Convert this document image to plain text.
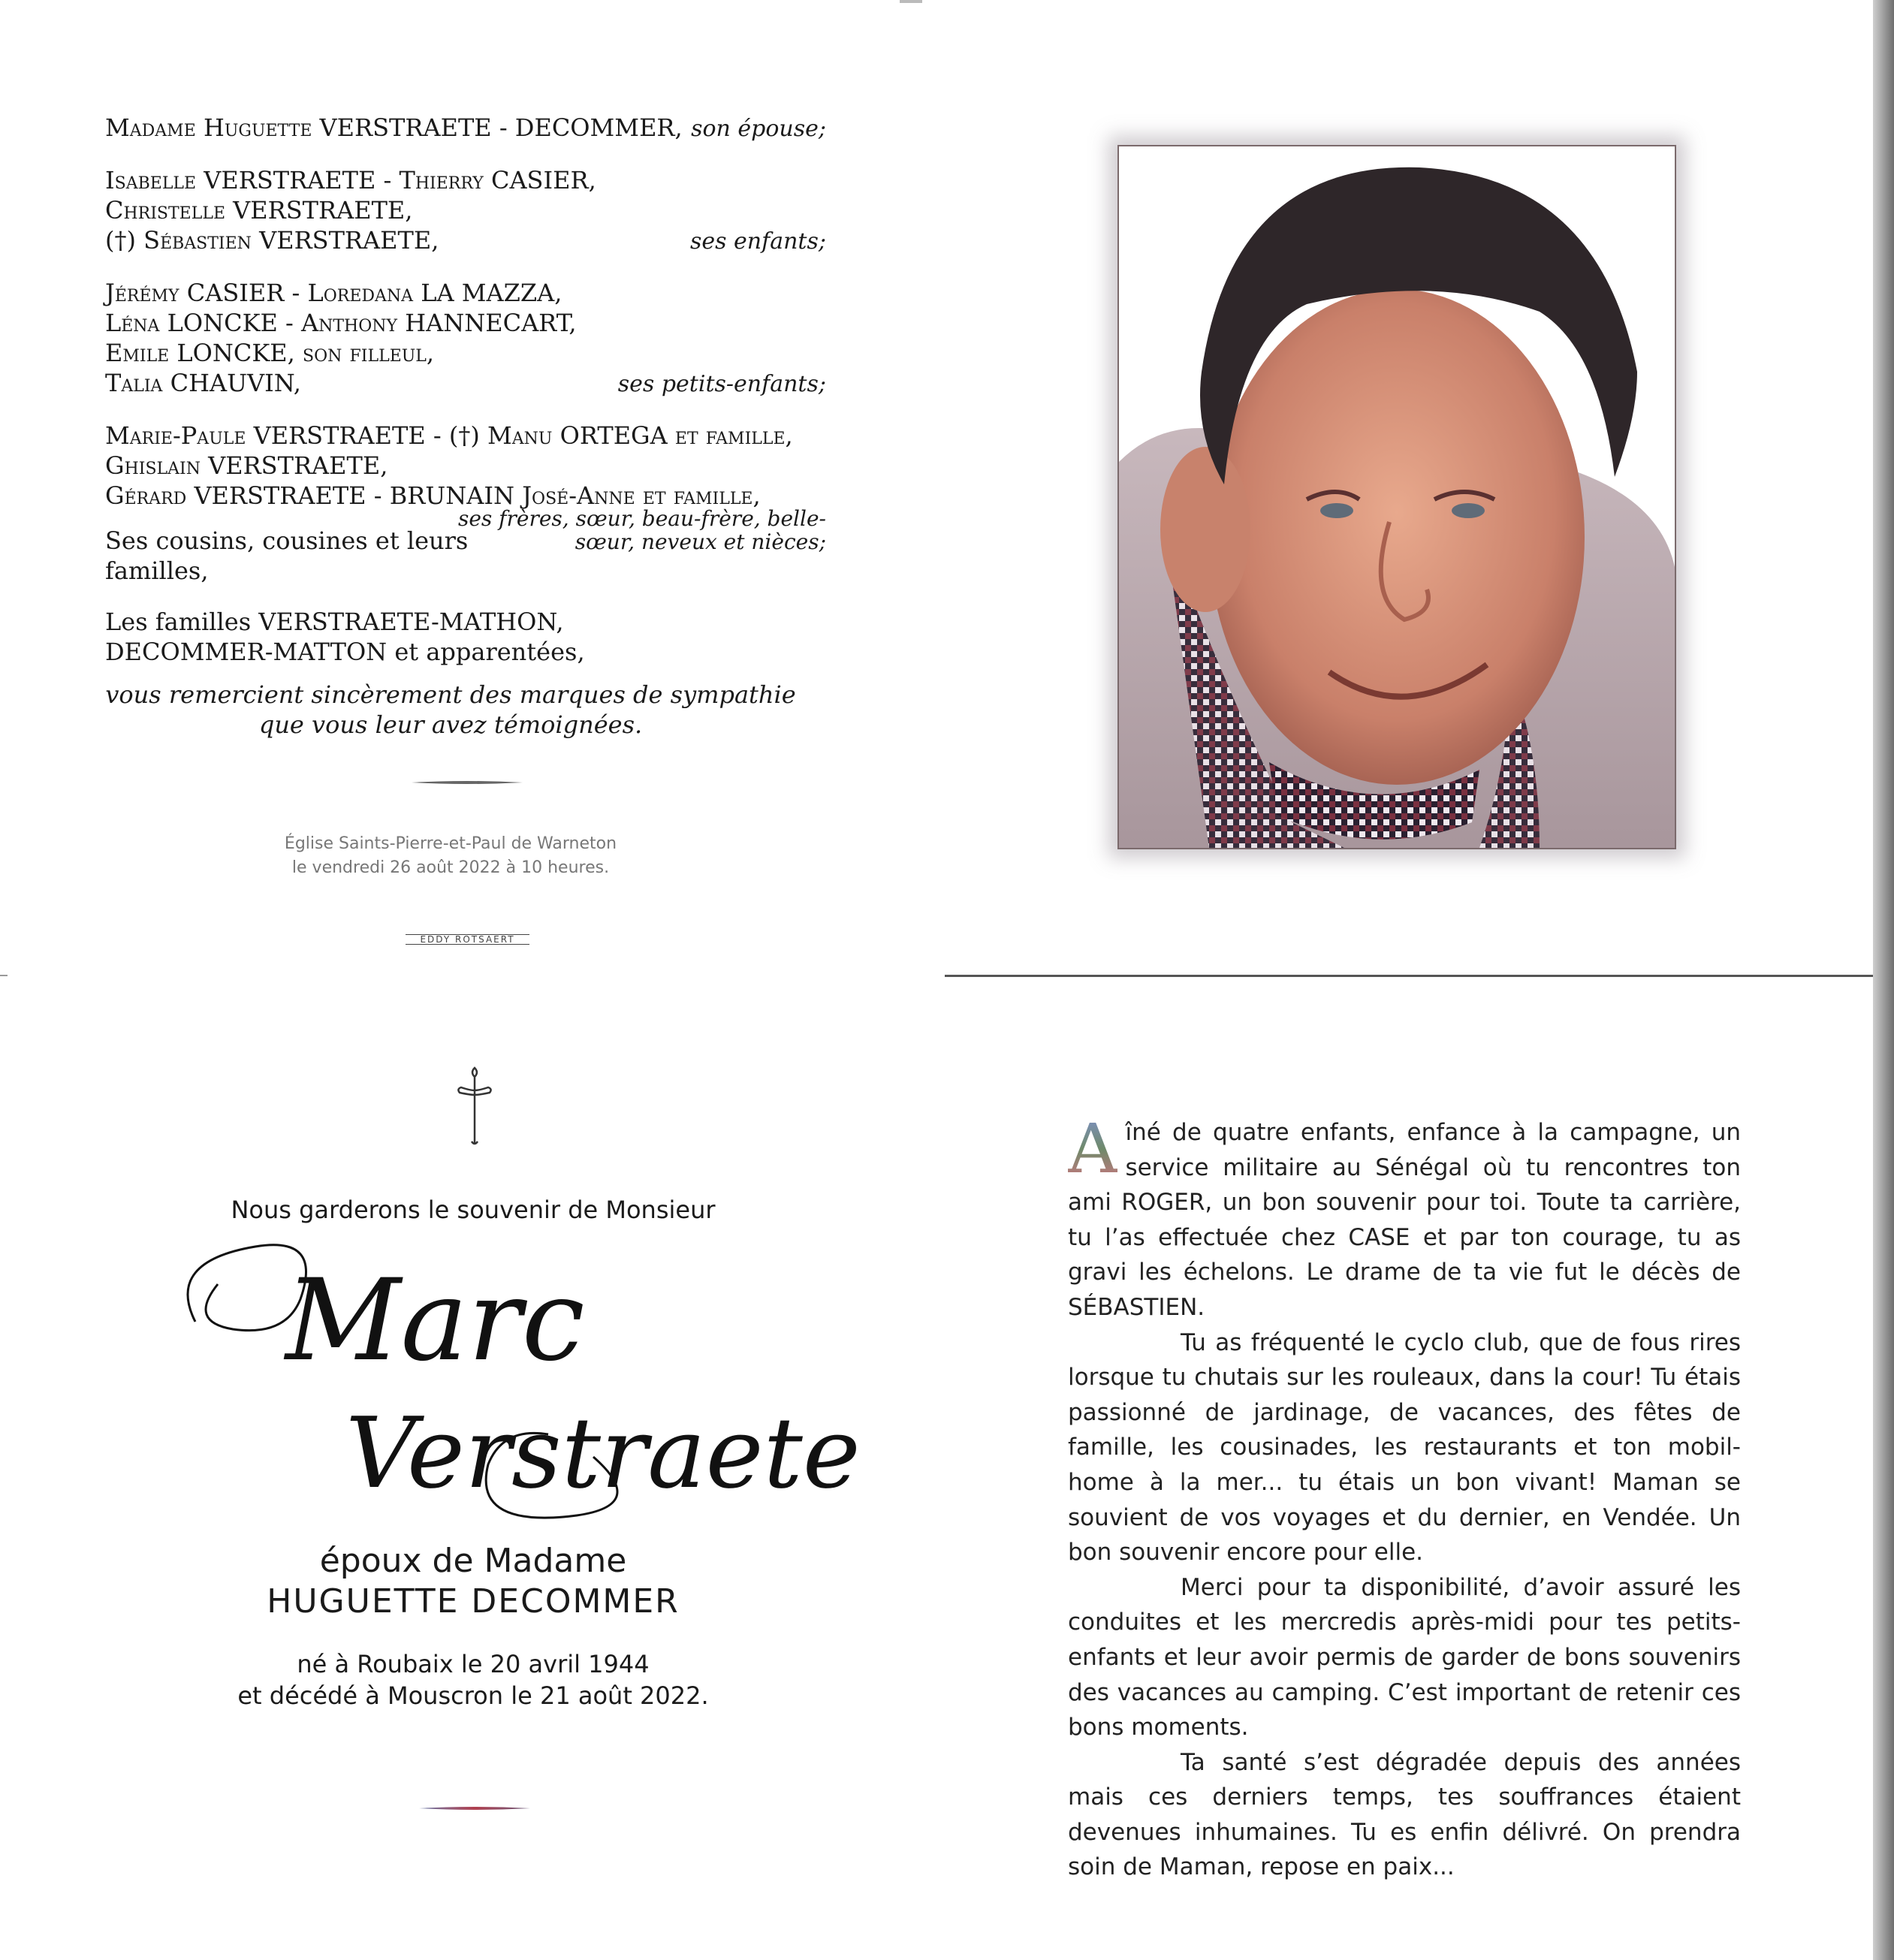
Madame Huguette VERSTRAETE - DECOMMER, son épouse;
Isabelle VERSTRAETE - Thierry CASIER,
Christelle VERSTRAETE,
(†) Sébastien VERSTRAETE,	ses enfants;
Jérémy CASIER - Loredana LA MAZZA,
Léna LONCKE - Anthony HANNECART,
Emile LONCKE, son filleul,
Talia CHAUVIN,	ses petits-enfants;
Marie-Paule VERSTRAETE - (†) Manu ORTEGA et famille,
Ghislain VERSTRAETE,
Gérard VERSTRAETE - BRUNAIN José-Anne et famille,
ses frères, sœur, beau-frère, belle-
Ses cousins, cousines et leurs familles,
sœur, neveux et nièces;
Les familles VERSTRAETE-MATHON,
DECOMMER-MATTON et apparentées,
vous remercient sincèrement des marques de sympathie
que vous leur avez témoignées.
Église Saints-Pierre-et-Paul de Warneton
le vendredi 26 août 2022 à 10 heures.
EDDY ROTSAERT
Nous garderons le souvenir de Monsieur
Marc
Verstraete
époux de Madame
HUGUETTE DECOMMER
né à Roubaix le 20 avril 1944
et décédé à Mouscron le 21 août 2022.

A îné de quatre enfants, enfance à la campagne, un service militaire au Sénégal où tu rencontres ton ami ROGER, un bon souvenir pour toi. Toute ta carrière, tu l’as effectuée chez CASE et par ton courage, tu as gravi les échelons. Le drame de ta vie fut le décès de SÉBASTIEN.

Tu as fréquenté le cyclo club, que de fous rires lorsque tu chutais sur les rouleaux, dans la cour! Tu étais passionné de jardinage, de vacances, des fêtes de famille, les cousinades, les restaurants et ton mobil-home à la mer... tu étais un bon vivant! Maman se souvient de vos voyages et du dernier, en Vendée. Un bon souvenir encore pour elle.

Merci pour ta disponibilité, d’avoir assuré les conduites et les mercredis après-midi pour tes petits-enfants et leur avoir permis de garder de bons souvenirs des vacances au camping. C’est important de retenir ces bons moments.

Ta santé s’est dégradée depuis des années mais ces derniers temps, tes souffrances étaient devenues inhumaines. Tu es enfin délivré. On prendra soin de Maman, repose en paix...
